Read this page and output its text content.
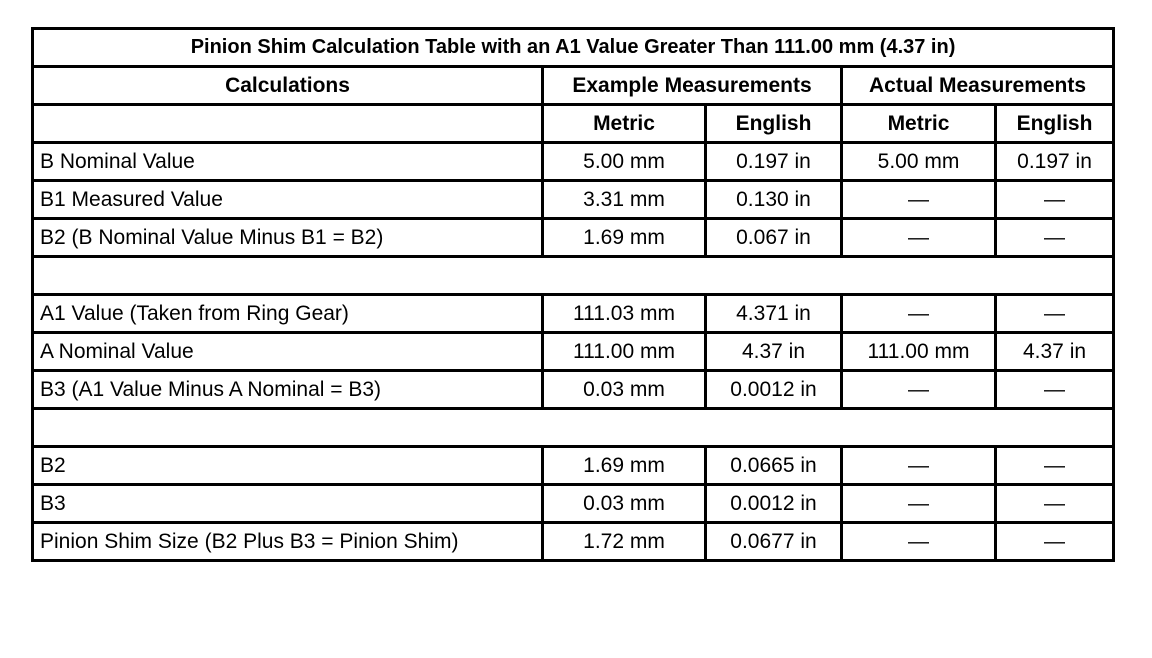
Pinion Shim Calculation Table with an A1 Value Greater Than 111.00 mm (4.37 in)				
Calculations	Example Measurements		Actual Measurements	
	Metric	English	Metric	English
B Nominal Value	5.00 mm	0.197 in	5.00 mm	0.197 in
B1 Measured Value	3.31 mm	0.130 in	—	—
B2 (B Nominal Value Minus B1 = B2)	1.69 mm	0.067 in	—	—

A1 Value (Taken from Ring Gear)	111.03 mm	4.371 in	—	—
A Nominal Value	111.00 mm	4.37 in	111.00 mm	4.37 in
B3 (A1 Value Minus A Nominal = B3)	0.03 mm	0.0012 in	—	—

B2	1.69 mm	0.0665 in	—	—
B3	0.03 mm	0.0012 in	—	—
Pinion Shim Size (B2 Plus B3 = Pinion Shim)	1.72 mm	0.0677 in	—	—
